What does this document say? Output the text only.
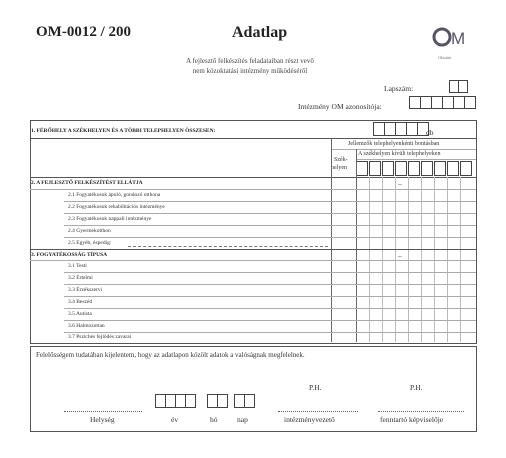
OM-0012 / 200	Adatlap
A fejlesztő felkészítés feladataiban részt vevő
nem közoktatási intézmény működéséről
M
Oktatási
Lapszám:
Intézmény OM azonosítója:
1. FÉRŐHELY A SZÉKHELYEN ÉS A TÖBBI TELEPHELYEN ÖSSZESEN:	db
Jellemzők telephelyenkénti bontásban
A székhelyen kívüli telephelyeken
Szék-
helyen
2. A FEJLESZTŐ FELKÉSZÍTÉST ELLÁTJA	–
2.1 Fogyatékosok ápoló, gondozó otthona
2.2 Fogyatékosok rehabilitációs intézménye
2.3 Fogyatékosok nappali intézménye
2.4 Gyermekotthon
2.5 Egyéb, éspedig:
3. FOGYATÉKOSSÁG TÍPUSA	–
3.1 Testi
3.2 Értelmi
3.3 Érzékszervi
3.4 Beszéd
3.5 Autista
3.6 Halmozottan
3.7 Pszichés fejlődés zavarai
Felelősségem tudatában kijelentem, hogy az adatlapon közölt adatok a valóságnak megfelelnek.
P.H.	P.H.
Helység	év	hó	nap	intézményvezető	fenntartó képviselője
